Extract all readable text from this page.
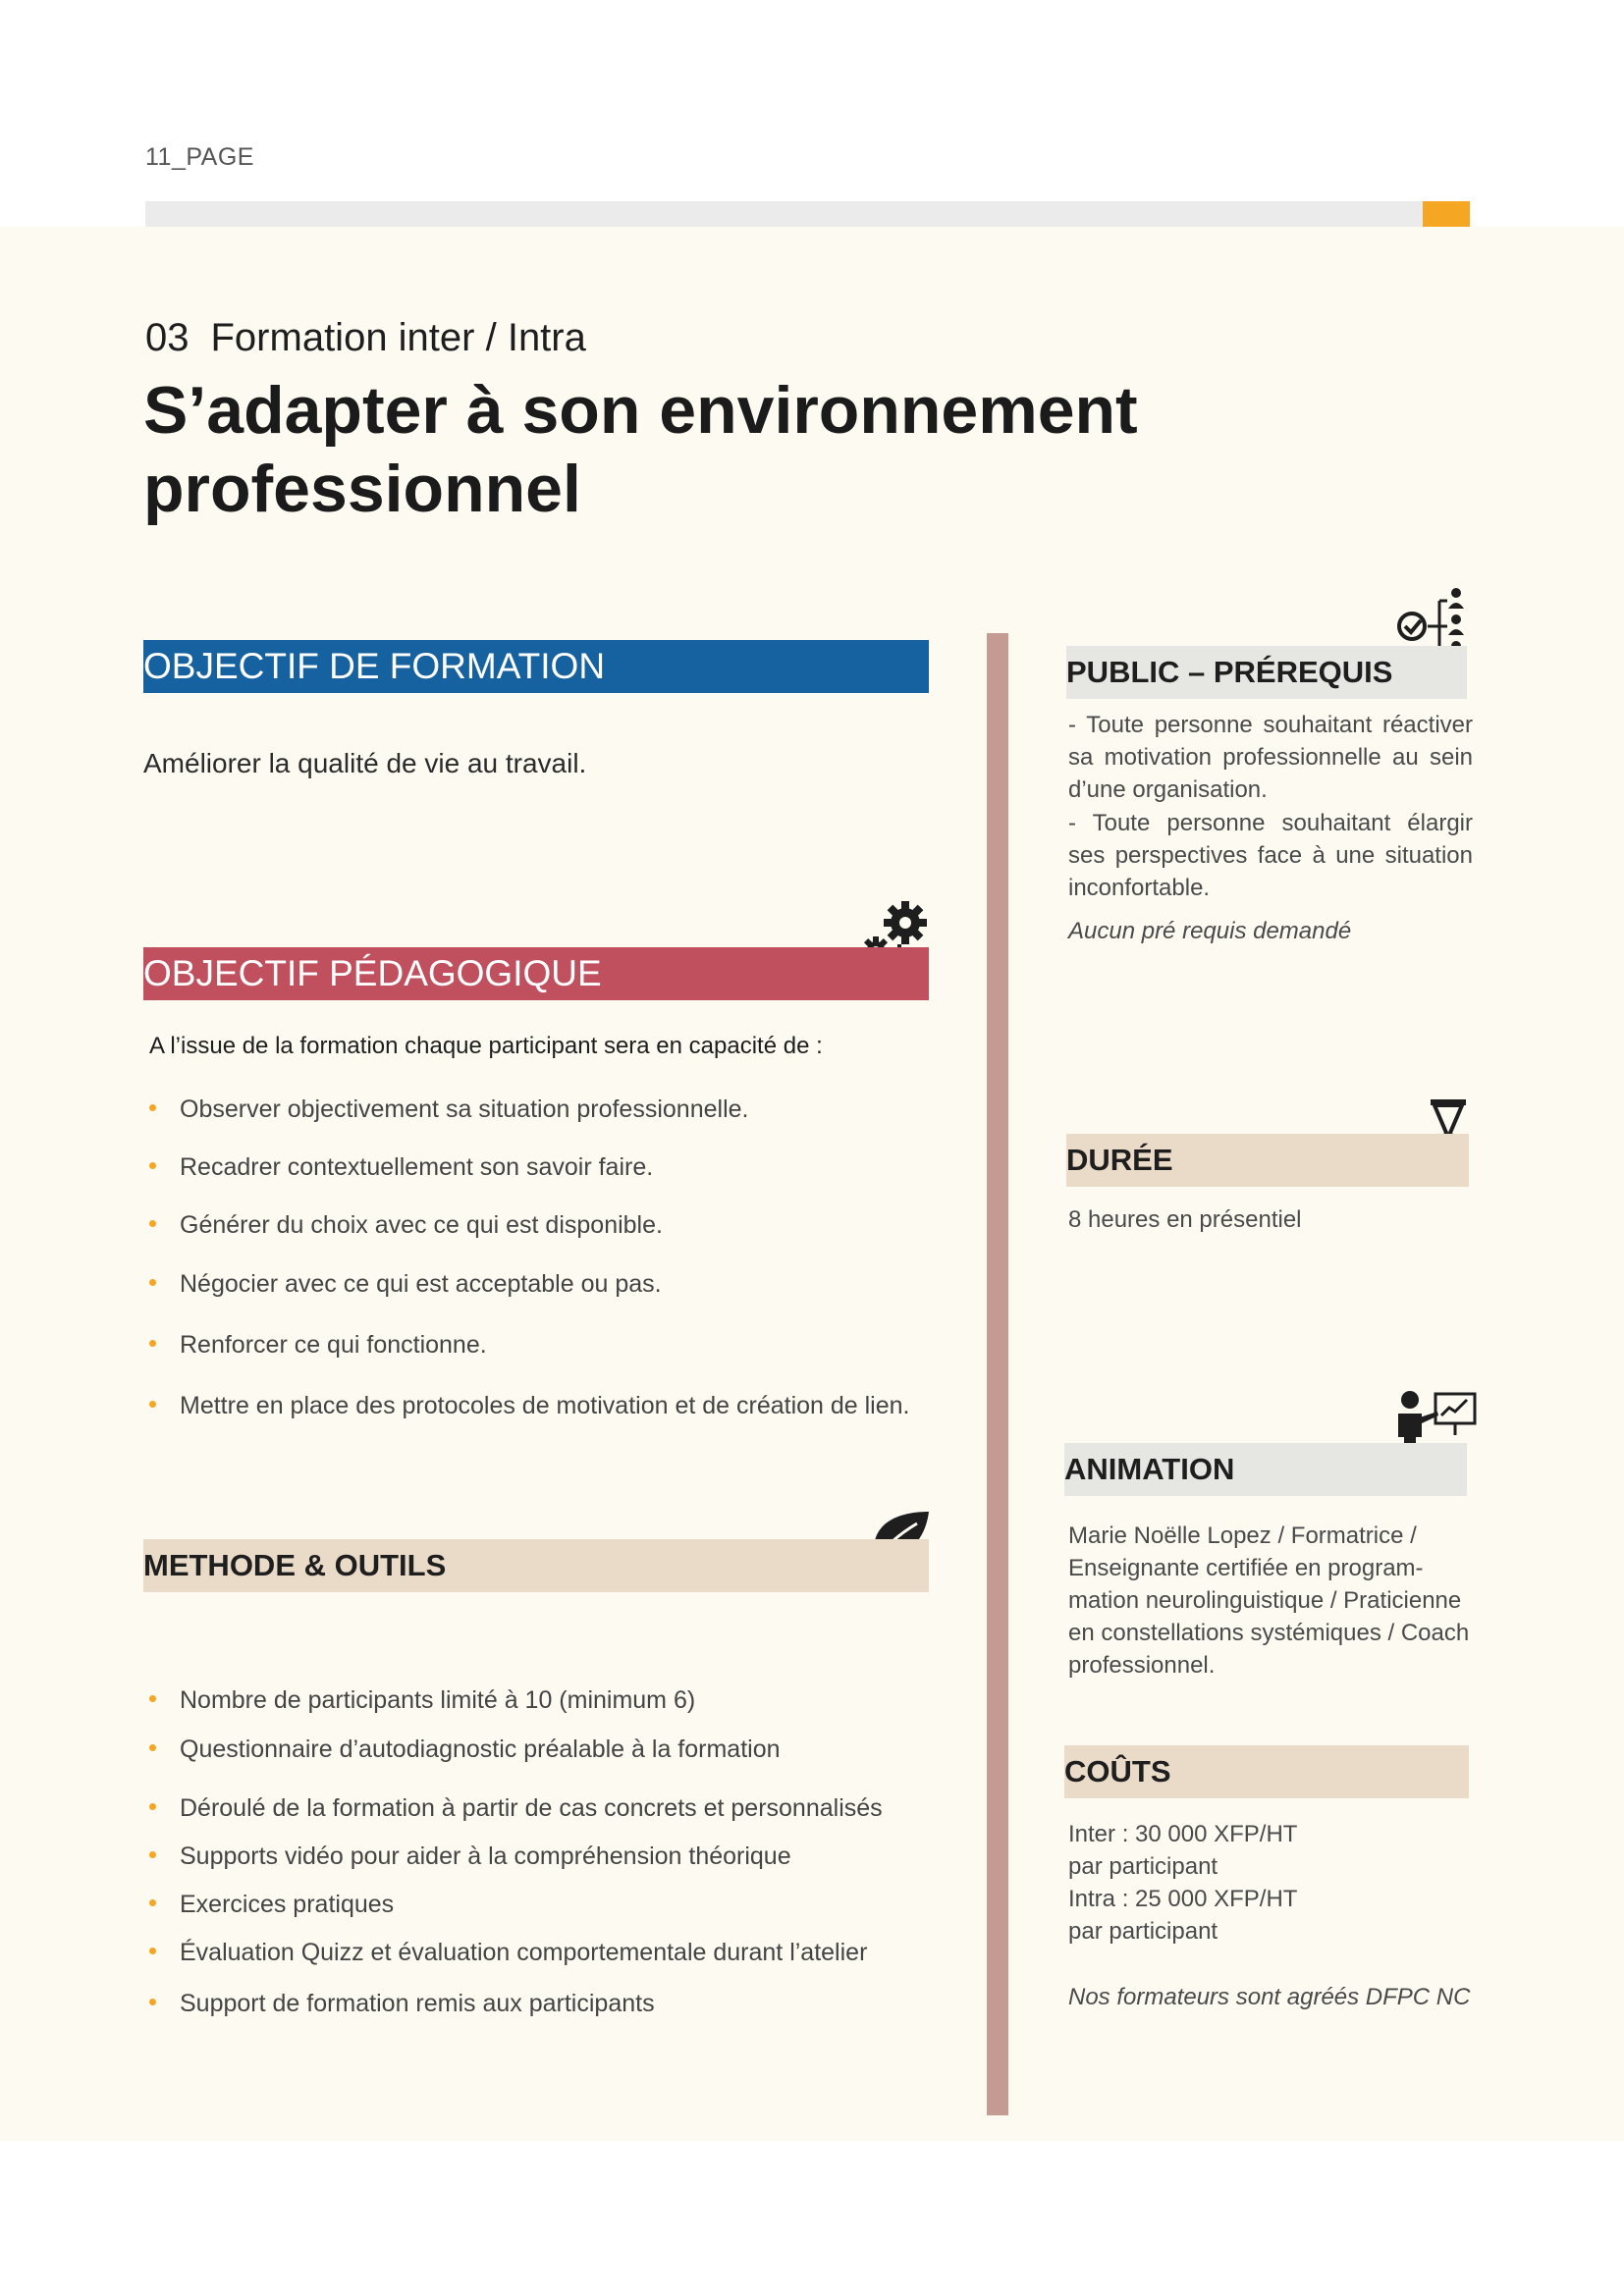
11_PAGE
03 Formation inter / Intra
S’adapter à son environnement professionnel
OBJECTIF DE FORMATION
Améliorer la qualité de vie au travail.
OBJECTIF PÉDAGOGIQUE
A l’issue de la formation chaque participant sera en capacité de :
Observer objectivement sa situation professionnelle.
Recadrer contextuellement son savoir faire.
Générer du choix avec ce qui est disponible.
Négocier avec ce qui est acceptable ou pas.
Renforcer ce qui fonctionne.
Mettre en place des protocoles de motivation et de création de lien.
METHODE & OUTILS
Nombre de participants limité à 10 (minimum 6)
Questionnaire d’autodiagnostic préalable à la formation
Déroulé de la formation à partir de cas concrets et personnalisés
Supports vidéo pour aider à la compréhension théorique
Exercices pratiques
Évaluation Quizz et évaluation comportementale durant l’atelier
Support de formation remis aux participants
PUBLIC – PRÉREQUIS
- Toute personne souhaitant réactiver sa motivation professionnelle au sein d’une organisation.
- Toute personne souhaitant élargir ses perspectives face à une situation inconfortable.
Aucun pré requis demandé
DURÉE
8 heures en présentiel
ANIMATION
Marie Noëlle Lopez / Formatrice / Enseignante certifiée en programmation neurolinguistique / Praticienne en constellations systémiques / Coach professionnel.
COÛTS
Inter : 30 000 XFP/HT
par participant
Intra : 25 000 XFP/HT
par participant
Nos formateurs sont agréés DFPC NC
